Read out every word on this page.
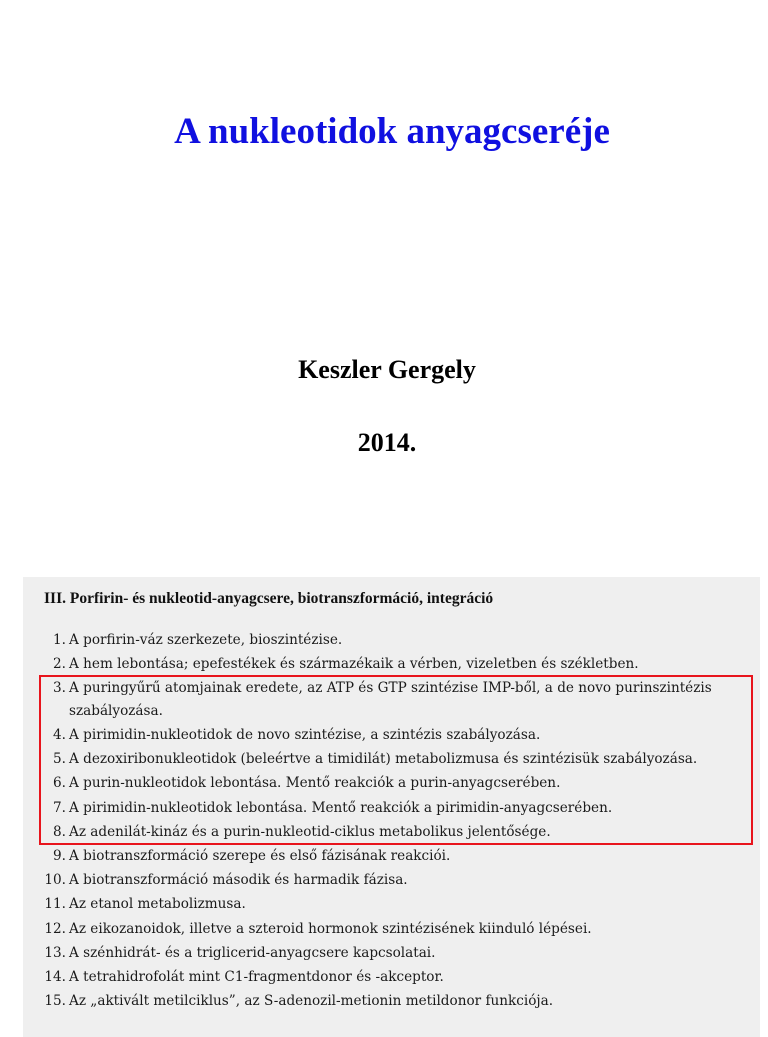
A nukleotidok anyagcseréje
Keszler Gergely
2014.
III. Porfirin- és nukleotid-anyagcsere, biotranszformáció, integráció
1. A porfirin-váz szerkezete, bioszintézise.
2. A hem lebontása; epefestékek és származékaik a vérben, vizeletben és székletben.
3. A puringyűrű atomjainak eredete, az ATP és GTP szintézise IMP-ből, a de novo purinszintézis szabályozása.
4. A pirimidin-nukleotidok de novo szintézise, a szintézis szabályozása.
5. A dezoxiribonukleotidok (beleértve a timidilát) metabolizmusa és szintézisük szabályozása.
6. A purin-nukleotidok lebontása. Mentő reakciók a purin-anyagcserében.
7. A pirimidin-nukleotidok lebontása. Mentő reakciók a pirimidin-anyagcserében.
8. Az adenilát-kináz és a purin-nukleotid-ciklus metabolikus jelentősége.
9. A biotranszformáció szerepe és első fázisának reakciói.
10. A biotranszformáció második és harmadik fázisa.
11. Az etanol metabolizmusa.
12. Az eikozanoidok, illetve a szteroid hormonok szintézisének kiinduló lépései.
13. A szénhidrát- és a triglicerid-anyagcsere kapcsolatai.
14. A tetrahidrofolát mint C1-fragmentdonor és -akceptor.
15. Az „aktivált metilciklus”, az S-adenozil-metionin metildonor funkciója.
